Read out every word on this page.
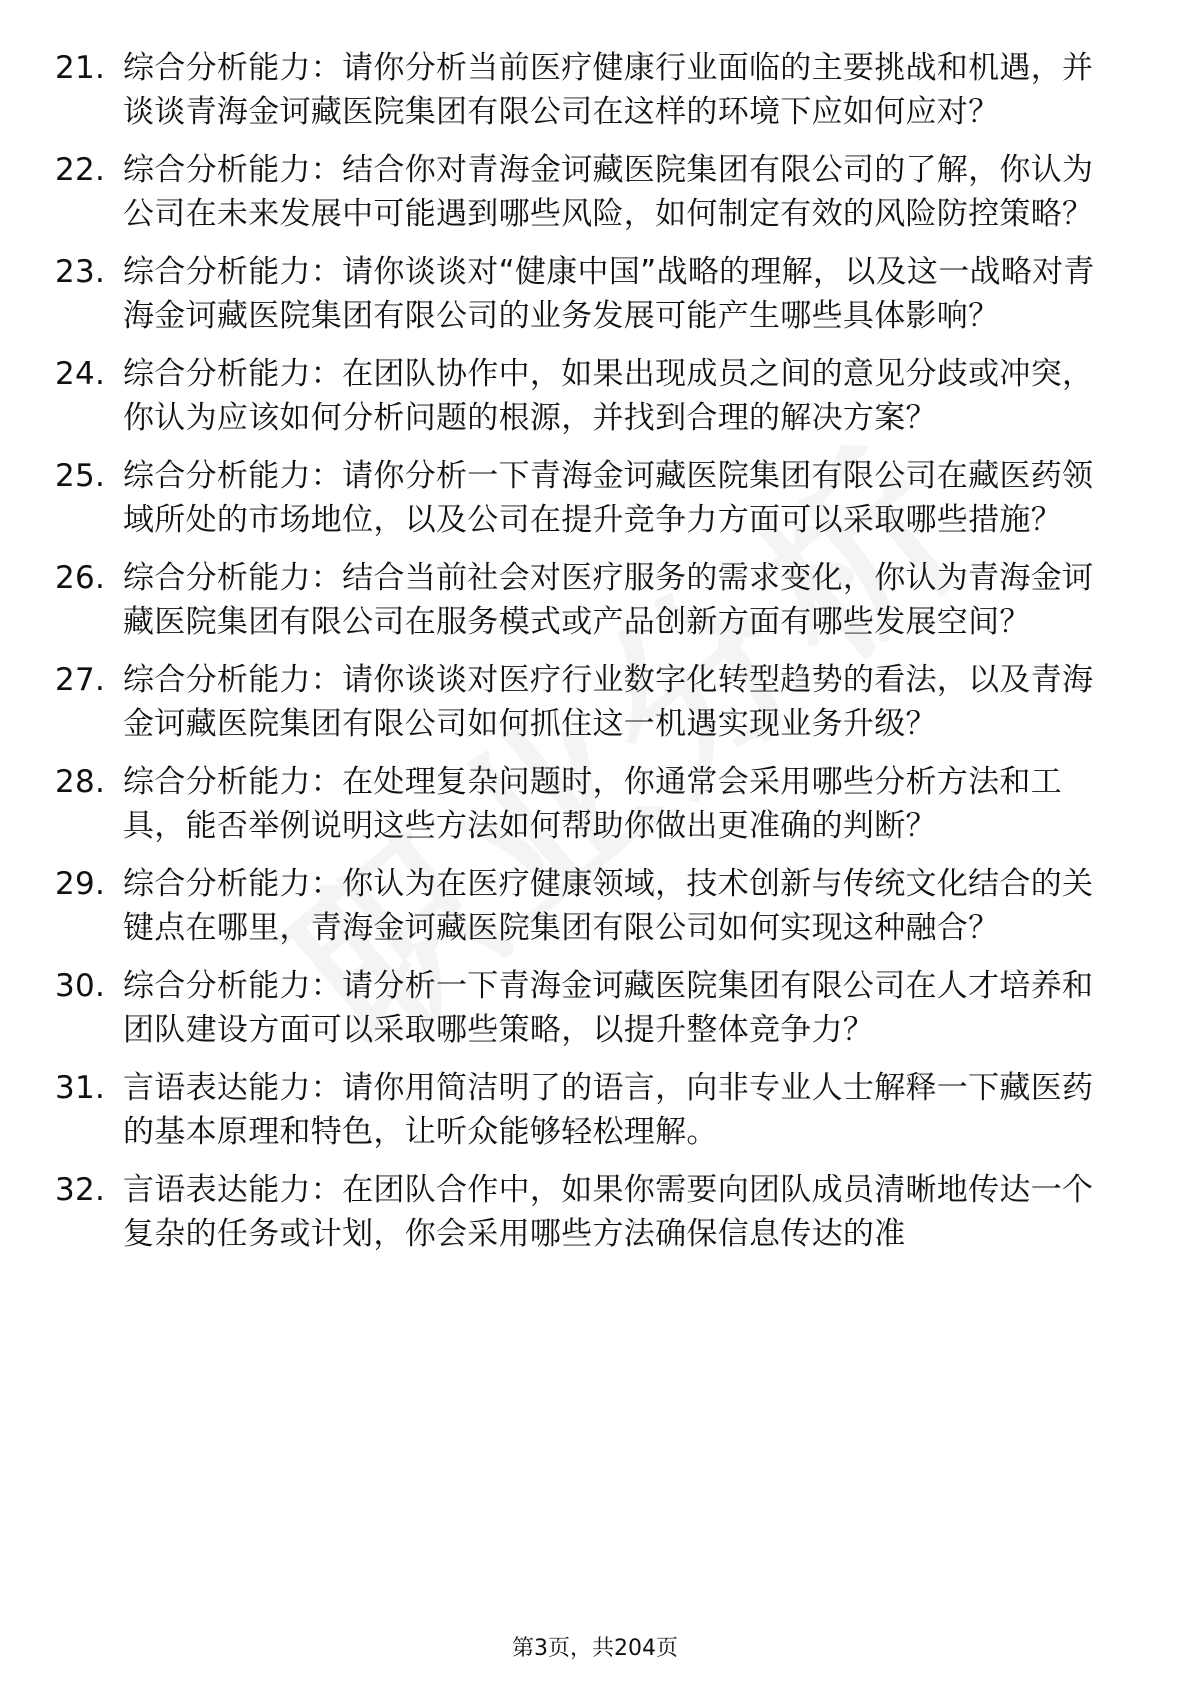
21. 综合分析能力：请你分析当前医疗健康行业面临的主要挑战和机遇，并谈谈青海金诃藏医院集团有限公司在这样的环境下应如何应对？
22. 综合分析能力：结合你对青海金诃藏医院集团有限公司的了解，你认为公司在未来发展中可能遇到哪些风险，如何制定有效的风险防控策略？
23. 综合分析能力：请你谈谈对“健康中国”战略的理解，以及这一战略对青海金诃藏医院集团有限公司的业务发展可能产生哪些具体影响？
24. 综合分析能力：在团队协作中，如果出现成员之间的意见分歧或冲突，你认为应该如何分析问题的根源，并找到合理的解决方案？
25. 综合分析能力：请你分析一下青海金诃藏医院集团有限公司在藏医药领域所处的市场地位，以及公司在提升竞争力方面可以采取哪些措施？
26. 综合分析能力：结合当前社会对医疗服务的需求变化，你认为青海金诃藏医院集团有限公司在服务模式或产品创新方面有哪些发展空间？
27. 综合分析能力：请你谈谈对医疗行业数字化转型趋势的看法，以及青海金诃藏医院集团有限公司如何抓住这一机遇实现业务升级？
28. 综合分析能力：在处理复杂问题时，你通常会采用哪些分析方法和工具，能否举例说明这些方法如何帮助你做出更准确的判断？
29. 综合分析能力：你认为在医疗健康领域，技术创新与传统文化结合的关键点在哪里，青海金诃藏医院集团有限公司如何实现这种融合？
30. 综合分析能力：请分析一下青海金诃藏医院集团有限公司在人才培养和团队建设方面可以采取哪些策略，以提升整体竞争力？
31. 言语表达能力：请你用简洁明了的语言，向非专业人士解释一下藏医药的基本原理和特色，让听众能够轻松理解。
32. 言语表达能力：在团队合作中，如果你需要向团队成员清晰地传达一个复杂的任务或计划，你会采用哪些方法确保信息传达的准
第3页，共204页
